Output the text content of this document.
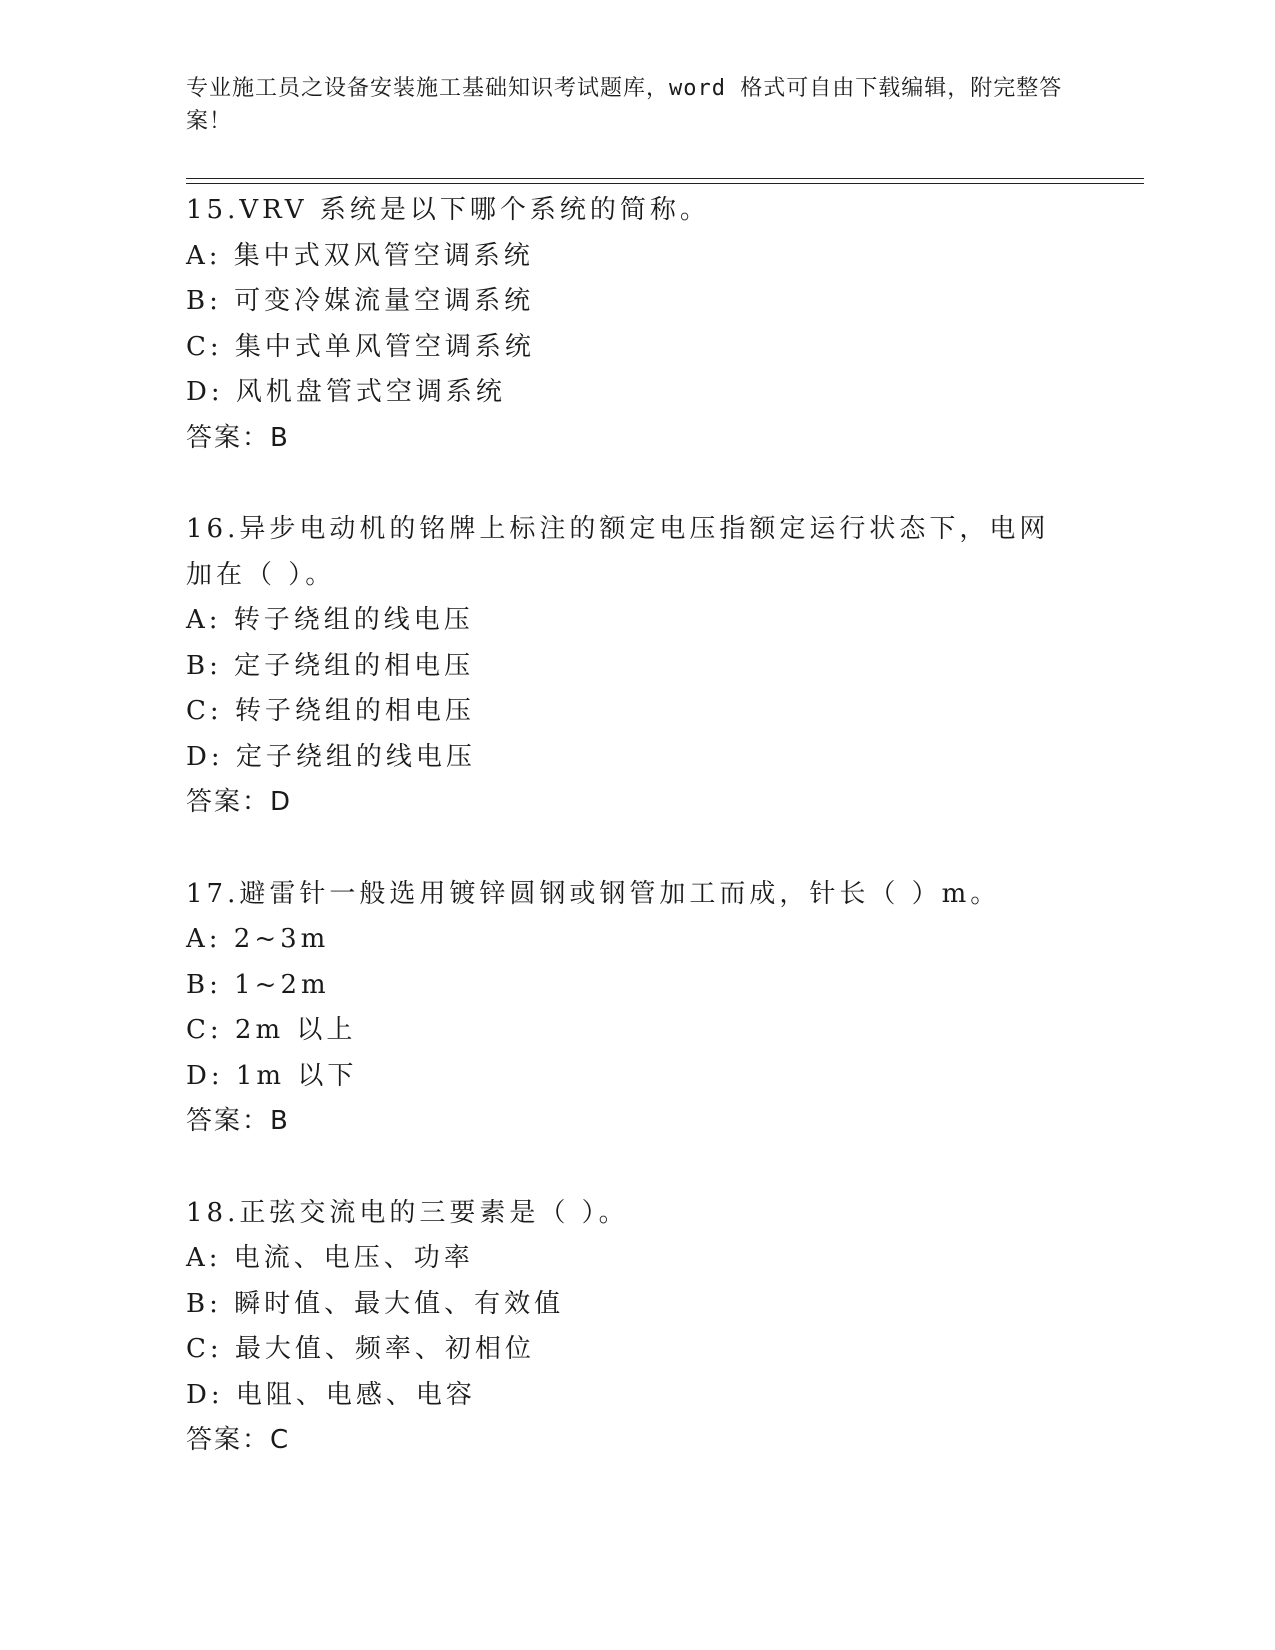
专业施工员之设备安装施工基础知识考试题库，word 格式可自由下载编辑，附完整答案！
15.VRV 系统是以下哪个系统的简称。
A: 集中式双风管空调系统
B: 可变冷媒流量空调系统
C: 集中式单风管空调系统
D: 风机盘管式空调系统
答案：B
16.异步电动机的铭牌上标注的额定电压指额定运行状态下，电网加在（ ）。
A: 转子绕组的线电压
B: 定子绕组的相电压
C: 转子绕组的相电压
D: 定子绕组的线电压
答案：D
17.避雷针一般选用镀锌圆钢或钢管加工而成，针长（ ）m。
A: 2~3m
B: 1~2m
C: 2m 以上
D: 1m 以下
答案：B
18.正弦交流电的三要素是（ ）。
A: 电流、电压、功率
B: 瞬时值、最大值、有效值
C: 最大值、频率、初相位
D: 电阻、电感、电容
答案：C
